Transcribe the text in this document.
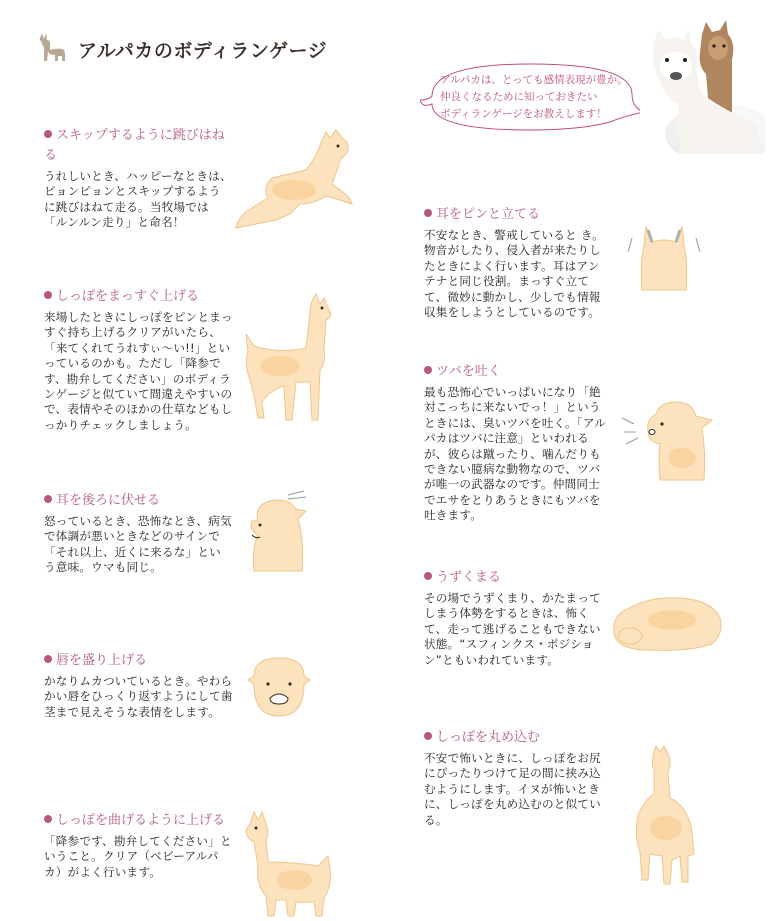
アルパカのボディランゲージ
アルパカは、とっても感情表現が豊か。
仲良くなるために知っておきたい
ボディランゲージをお教えします！
スキップするように跳びはねる
うれしいとき、ハッピーなときは、ピョンピョンとスキップするように跳びはねて走る。当牧場では「ルンルン走り」と命名！
しっぽをまっすぐ上げる
来場したときにしっぽをピンとまっすぐ持ち上げるクリアがいたら、「来てくれてうれすぃ〜い!!」といっているのかも。ただし「降参です、勘弁してください」のボディランゲージと似ていて間違えやすいので、表情やそのほかの仕草などもしっかりチェックしましょう。
耳を後ろに伏せる
怒っているとき、恐怖なとき、病気で体調が悪いときなどのサインで「それ以上、近くに来るな」という意味。ウマも同じ。
唇を盛り上げる
かなりムカついているとき。やわらかい唇をひっくり返すようにして歯茎まで見えそうな表情をします。
しっぽを曲げるように上げる
「降参です、勘弁してください」ということ。クリア（ベビーアルパカ）がよく行います。
耳をピンと立てる
不安なとき、警戒していると き。物音がしたり、侵入者が来たりしたときによく行います。耳はアンテナと同じ役割。まっすぐ立てて、微妙に動かし、少しでも情報収集をしようとしているのです。
ツバを吐く
最も恐怖心でいっぱいになり「絶対こっちに来ないでっ！」というときには、臭いツバを吐く。「アルパカはツバに注意」といわれるが、彼らは蹴ったり、噛んだりもできない臆病な動物なので、ツバが唯一の武器なのです。仲間同士でエサをとりあうときにもツバを吐きます。
うずくまる
その場でうずくまり、かたまってしまう体勢をするときは、怖くて、走って逃げることもできない状態。“スフィンクス・ポジション”ともいわれています。
しっぽを丸め込む
不安で怖いときに、しっぽをお尻にぴったりつけて足の間に挟み込むようにします。イヌが怖いときに、しっぽを丸め込むのと似ている。
